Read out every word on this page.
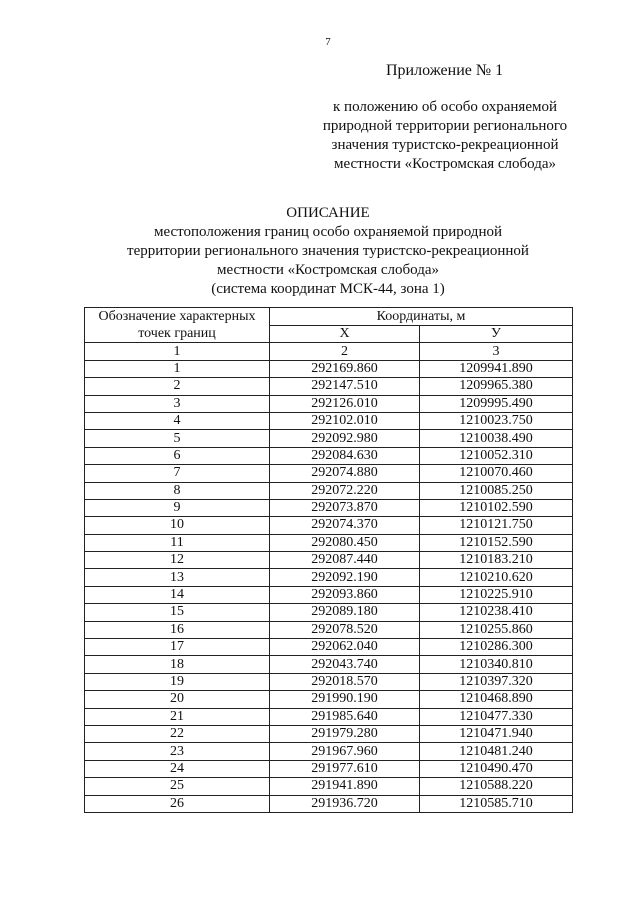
7
Приложение № 1
к положению об особо охраняемой
природной территории регионального
значения туристско-рекреационной
местности «Костромская слобода»
ОПИСАНИЕ
местоположения границ особо охраняемой природной
территории регионального значения туристско-рекреационной
местности «Костромская слобода»
(система координат МСК-44, зона 1)
Обозначение характерных точек границ	Координаты, м	
	X	У
1	2	3
1	292169.860	1209941.890
2	292147.510	1209965.380
3	292126.010	1209995.490
4	292102.010	1210023.750
5	292092.980	1210038.490
6	292084.630	1210052.310
7	292074.880	1210070.460
8	292072.220	1210085.250
9	292073.870	1210102.590
10	292074.370	1210121.750
11	292080.450	1210152.590
12	292087.440	1210183.210
13	292092.190	1210210.620
14	292093.860	1210225.910
15	292089.180	1210238.410
16	292078.520	1210255.860
17	292062.040	1210286.300
18	292043.740	1210340.810
19	292018.570	1210397.320
20	291990.190	1210468.890
21	291985.640	1210477.330
22	291979.280	1210471.940
23	291967.960	1210481.240
24	291977.610	1210490.470
25	291941.890	1210588.220
26	291936.720	1210585.710
